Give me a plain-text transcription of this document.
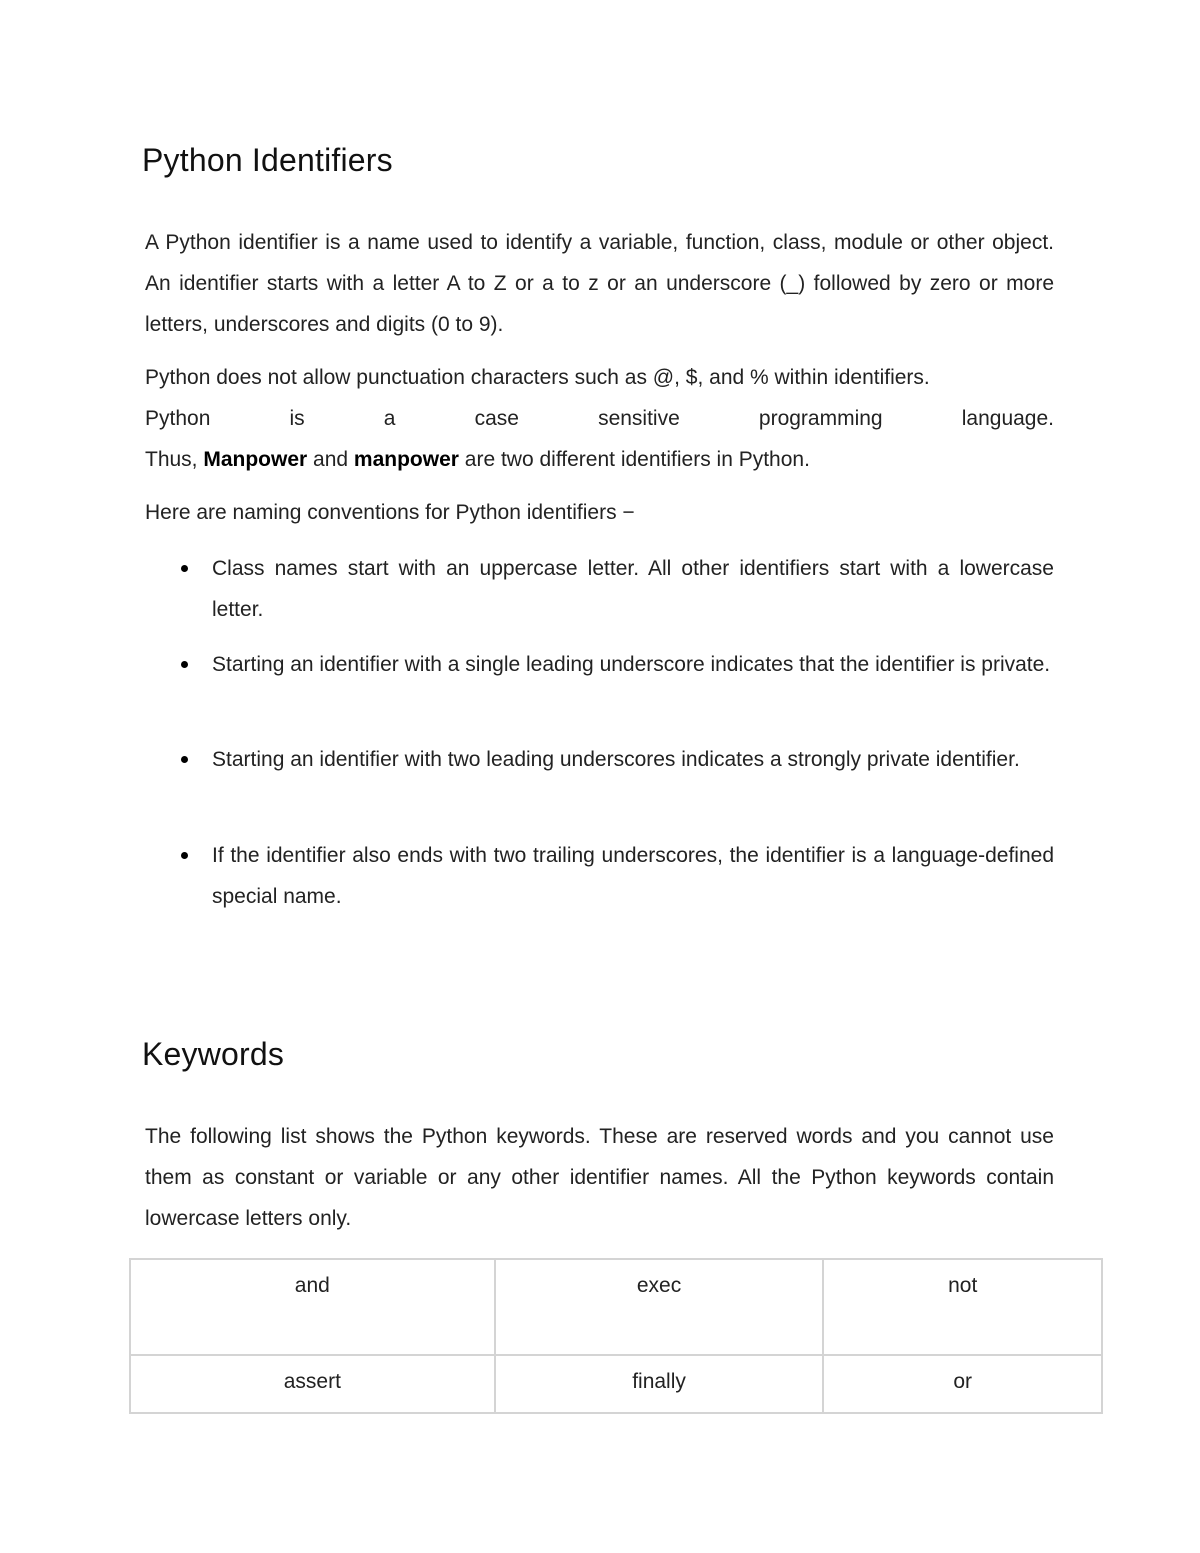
Python Identifiers

A Python identifier is a name used to identify a variable, function, class, module or other object. An identifier starts with a letter A to Z or a to z or an underscore (_) followed by zero or more letters, underscores and digits (0 to 9).

Python does not allow punctuation characters such as @, $, and % within identifiers.
Python is a case sensitive programming language.
Thus, Manpower and manpower are two different identifiers in Python.

Here are naming conventions for Python identifiers −

Class names start with an uppercase letter. All other identifiers start with a lowercase letter.
Starting an identifier with a single leading underscore indicates that the identifier is private.
Starting an identifier with two leading underscores indicates a strongly private identifier.
If the identifier also ends with two trailing underscores, the identifier is a language-defined special name.
Keywords

The following list shows the Python keywords. These are reserved words and you cannot use them as constant or variable or any other identifier names. All the Python keywords contain lowercase letters only.

and	exec	not
assert	finally	or
